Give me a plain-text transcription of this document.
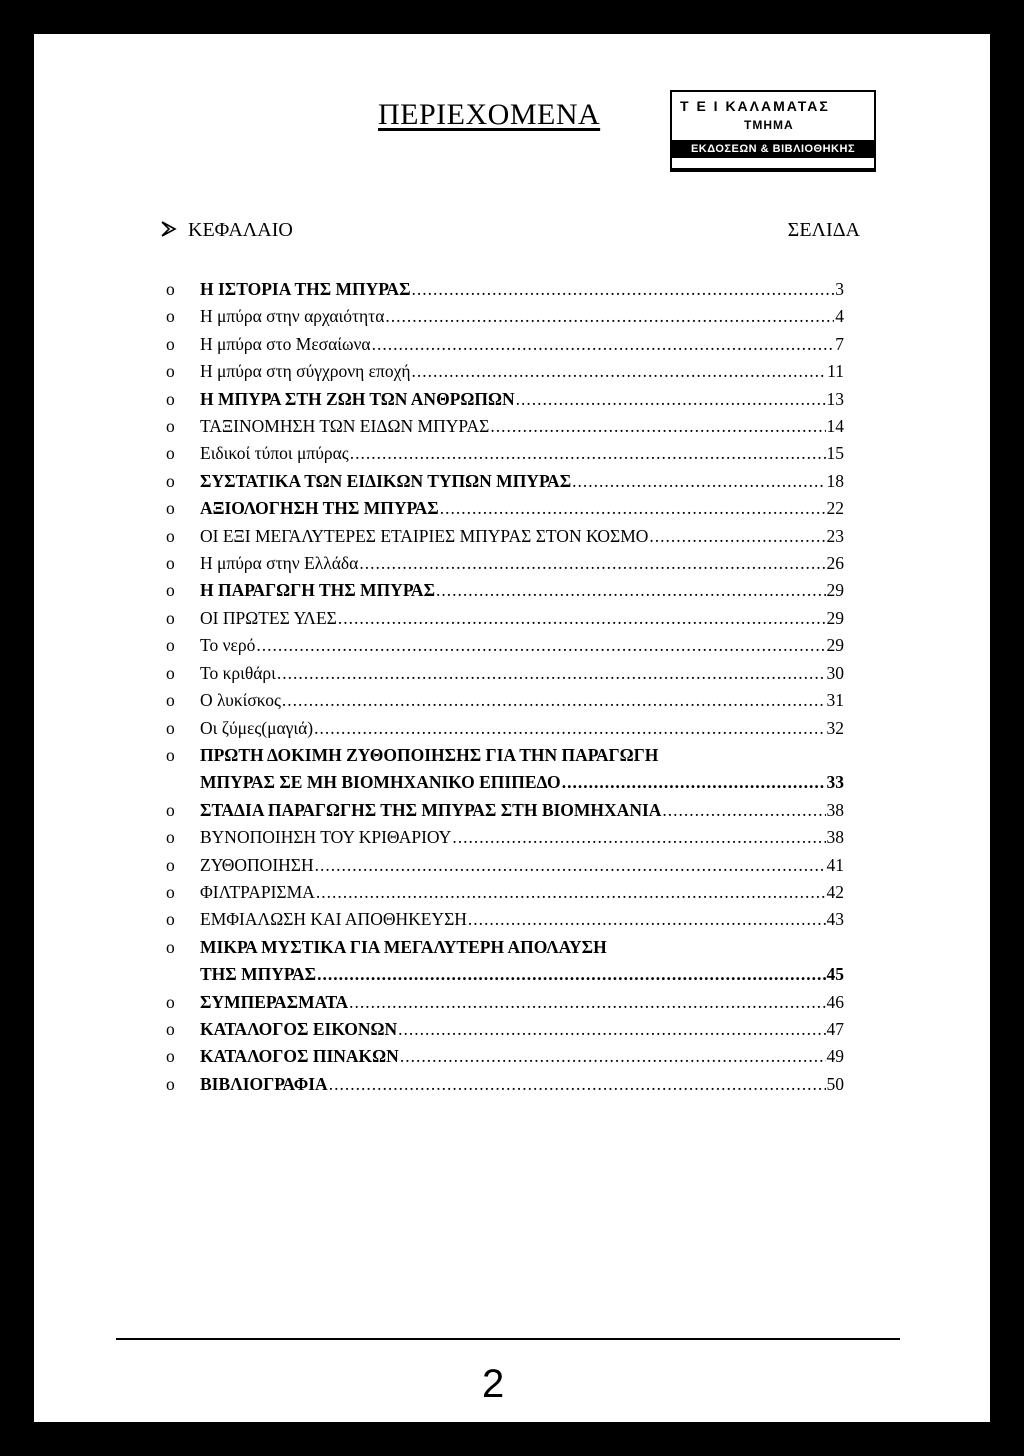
ΠΕΡΙΕΧΟΜΕΝΑ	Τ Ε Ι ΚΑΛΑΜΑΤΑΣ
ΤΜΗΜΑ
ΕΚΔΟΣΕΩΝ & ΒΙΒΛΙΟΘΗΚΗΣ
ΚΕΦΑΛΑΙΟ	ΣΕΛΙΔΑ
o Η ΙΣΤΟΡΙΑ ΤΗΣ ΜΠΥΡΑΣ .....	3
o Η μπύρα στην αρχαιότητα .....	4
o Η μπύρα στο Μεσαίωνα .....	7
o Η μπύρα στη σύγχρονη εποχή .....	11
o Η ΜΠΥΡΑ ΣΤΗ ΖΩΗ ΤΩΝ ΑΝΘΡΩΠΩΝ .....	13
o ΤΑΞΙΝΟΜΗΣΗ ΤΩΝ ΕΙΔΩΝ ΜΠΥΡΑΣ .....	14
o Ειδικοί τύποι μπύρας .....	15
o ΣΥΣΤΑΤΙΚΑ ΤΩΝ ΕΙΔΙΚΩΝ ΤΥΠΩΝ ΜΠΥΡΑΣ .....	18
o ΑΞΙΟΛΟΓΗΣΗ ΤΗΣ ΜΠΥΡΑΣ .....	22
o ΟΙ ΕΞΙ ΜΕΓΑΛΥΤΕΡΕΣ ΕΤΑΙΡΙΕΣ ΜΠΥΡΑΣ ΣΤΟΝ ΚΟΣΜΟ .....	23
o Η μπύρα στην Ελλάδα .....	26
o Η ΠΑΡΑΓΩΓΗ ΤΗΣ ΜΠΥΡΑΣ .....	29
o ΟΙ ΠΡΩΤΕΣ ΥΛΕΣ .....	29
o Το νερό .....	29
o Το κριθάρι .....	30
o Ο λυκίσκος .....	31
o Οι ζύμες(μαγιά) .....	32
o ΠΡΩΤΗ ΔΟΚΙΜΗ ΖΥΘΟΠΟΙΗΣΗΣ ΓΙΑ ΤΗΝ ΠΑΡΑΓΩΓΗ
ΜΠΥΡΑΣ ΣΕ ΜΗ ΒΙΟΜΗΧΑΝΙΚΟ ΕΠΙΠΕΔΟ .....	33
o ΣΤΑΔΙΑ ΠΑΡΑΓΩΓΗΣ ΤΗΣ ΜΠΥΡΑΣ ΣΤΗ ΒΙΟΜΗΧΑΝΙΑ .....	38
o ΒΥΝΟΠΟΙΗΣΗ ΤΟΥ ΚΡΙΘΑΡΙΟΥ .....	38
o ΖΥΘΟΠΟΙΗΣΗ .....	41
o ΦΙΛΤΡΑΡΙΣΜΑ .....	42
o ΕΜΦΙΑΛΩΣΗ ΚΑΙ ΑΠΟΘΗΚΕΥΣΗ .....	43
o ΜΙΚΡΑ ΜΥΣΤΙΚΑ ΓΙΑ ΜΕΓΑΛΥΤΕΡΗ ΑΠΟΛΑΥΣΗ
ΤΗΣ ΜΠΥΡΑΣ .....	45
o ΣΥΜΠΕΡΑΣΜΑΤΑ .....	46
o ΚΑΤΑΛΟΓΟΣ ΕΙΚΟΝΩΝ .....	47
o ΚΑΤΑΛΟΓΟΣ ΠΙΝΑΚΩΝ .....	49
o ΒΙΒΛΙΟΓΡΑΦΙΑ .....	50
2
